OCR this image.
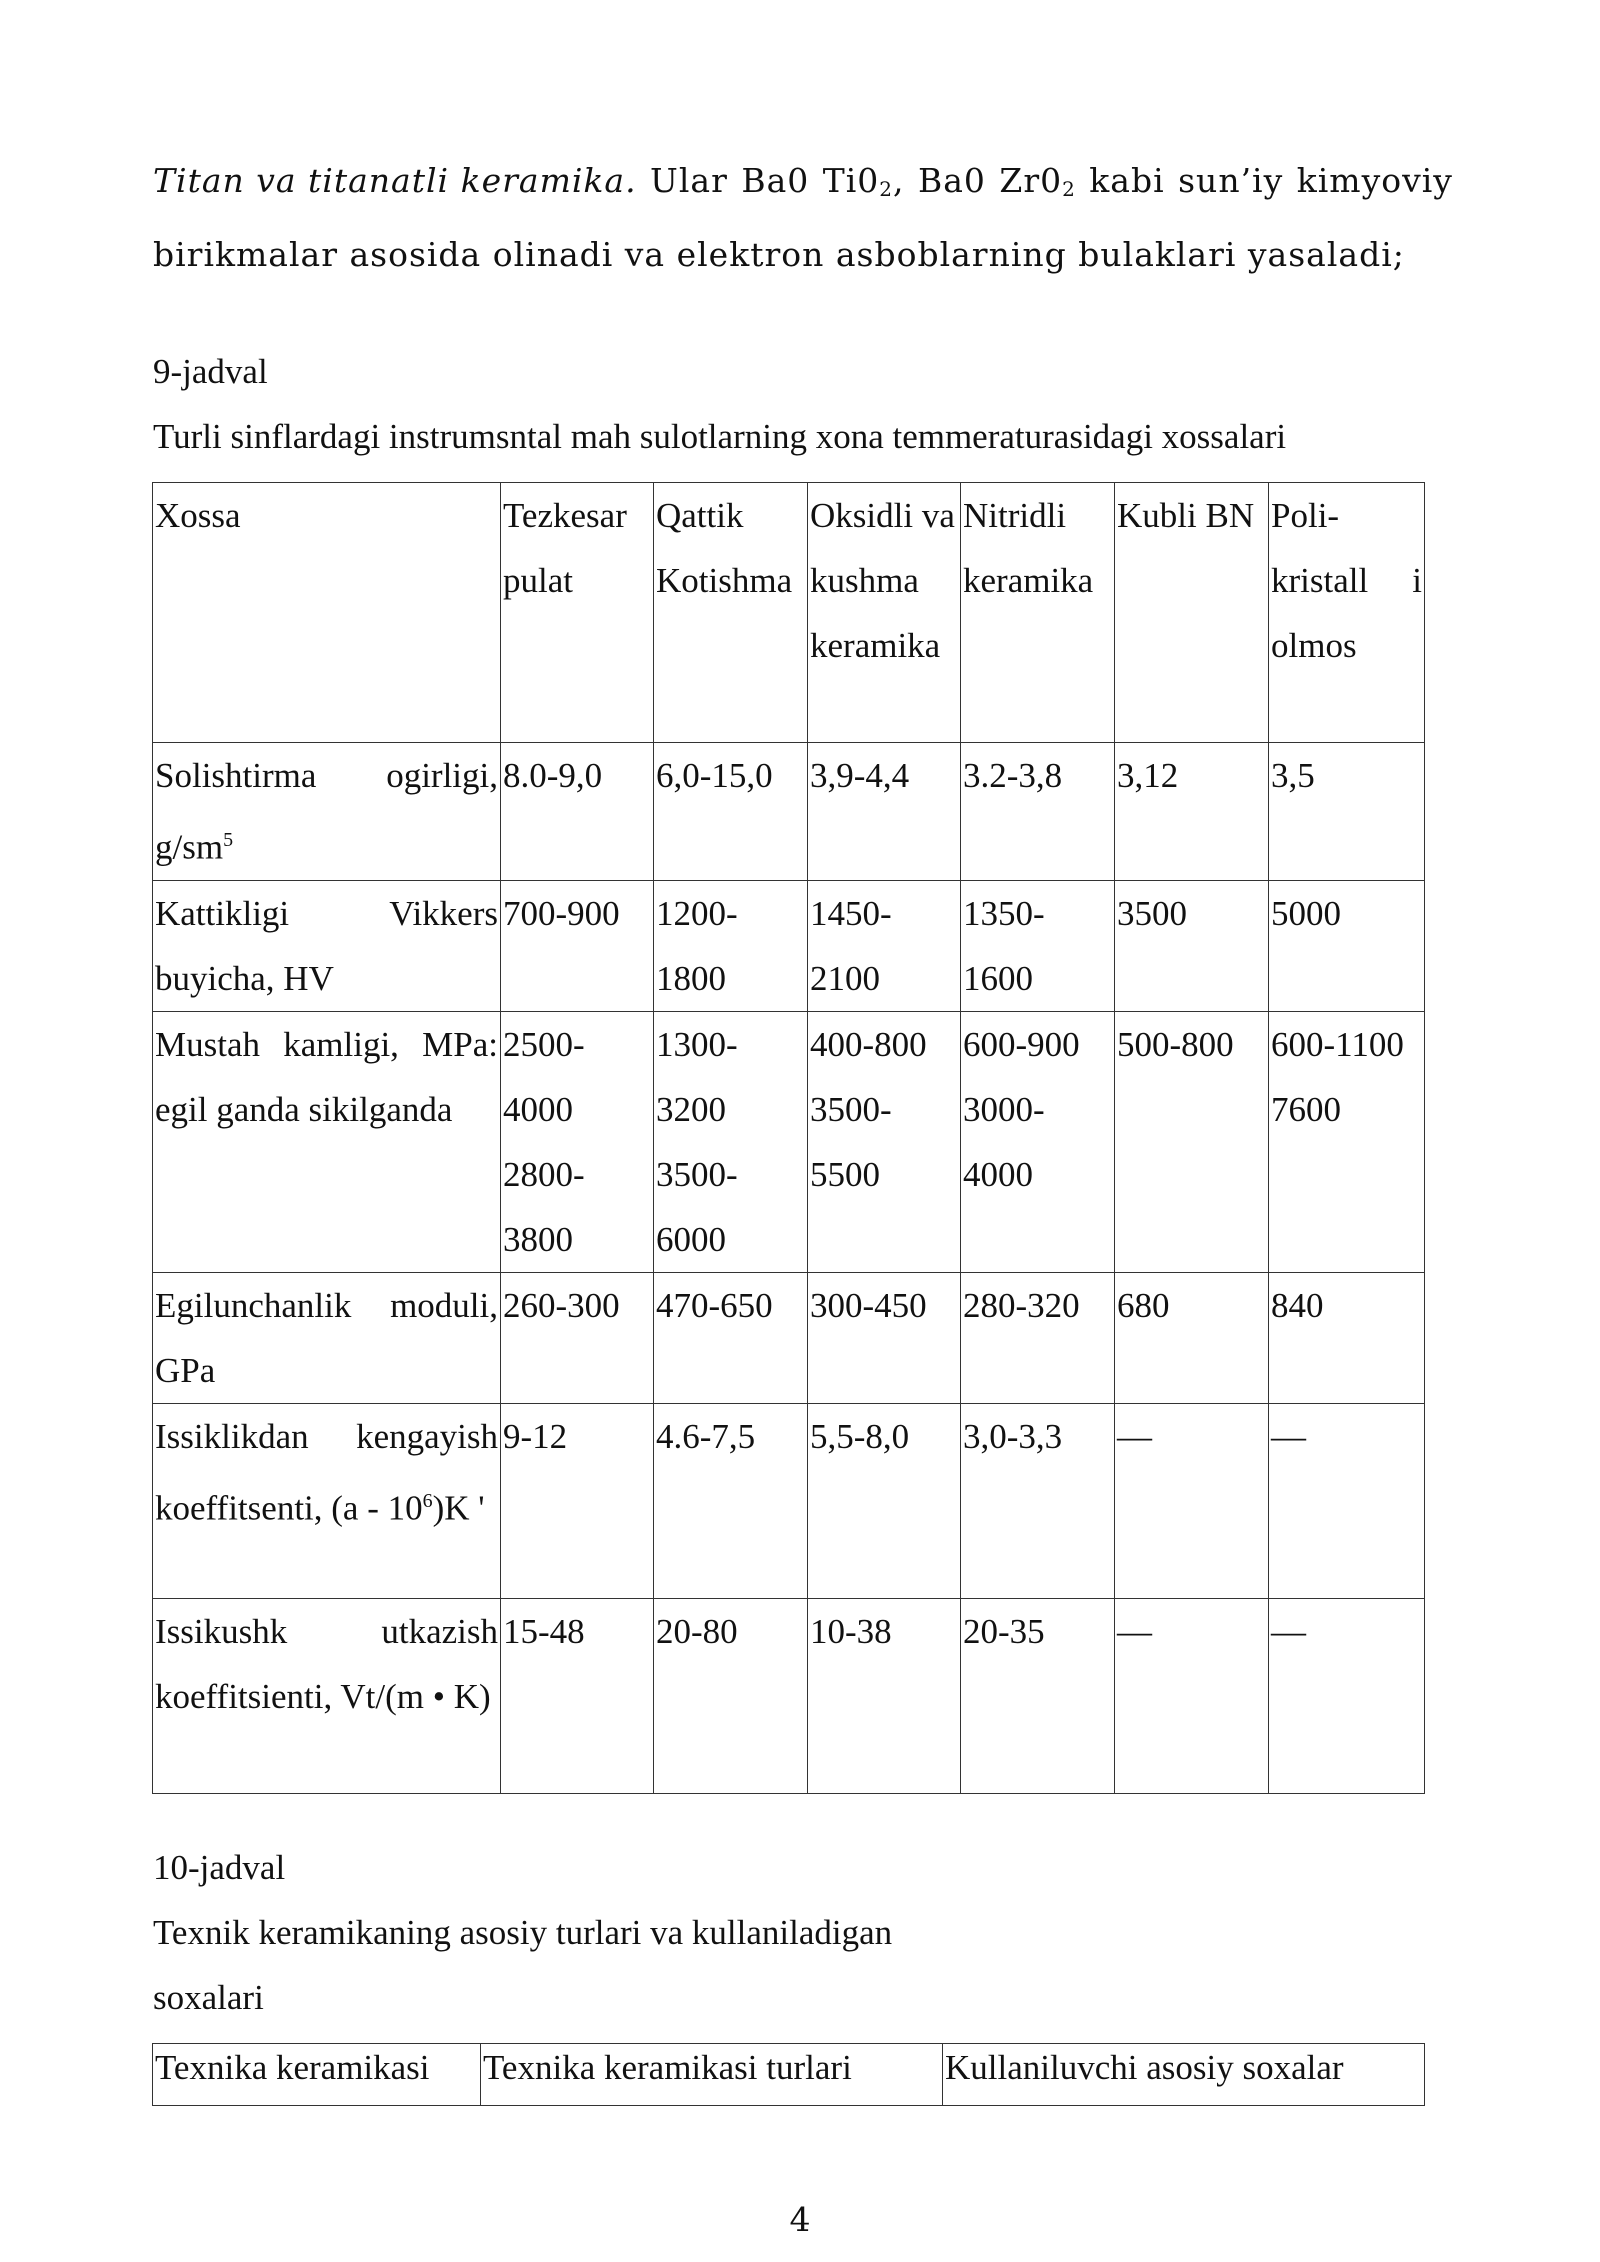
Titan va titanatli keramika. Ular Ba0 $Ti0_2$, Ba0 $Zr0_2$ kabi sun’iy kimyoviy
birikmalar asosida olinadi va elektron asboblarning bulaklari yasaladi;
9-jadval
Turli sinflardagi instrumsntal mah sulotlarning xona temmeraturasidagi xossalari
Xossa	Tezkesar pulat	Qattik Kotishma	Oksidli va kushma keramika	Nitridli keramika	Kubli BN	Poli-kristall i olmos
Solishtirma ogirligi, $g/sm^5$	8.0-9,0	6,0-15,0	3,9-4,4	3.2-3,8	3,12	3,5
Kattikligi Vikkers buyicha, HV	700-900	1200-1800	1450-2100	1350-1600	3500	5000
Mustah kamligi, MPa: egil ganda sikilganda	2500-4000 2800-3800	1300-3200 3500-6000	400-800 3500-5500	600-900 3000-4000	500-800	600-1100 7600
Egilunchanlik moduli, GPa	260-300	470-650	300-450	280-320	680	840
Issiklikdan kengayish koeffitsenti, $(a - 10^6)K$ '	9-12	4.6-7,5	5,5-8,0	3,0-3,3	—	—
Issikushk utkazish koeffitsienti, Vt/(m • K)	15-48	20-80	10-38	20-35	—	—
10-jadval
Texnik keramikaning asosiy turlari va kullaniladigan
soxalari
Texnika keramikasi	Texnika keramikasi turlari	Kullaniluvchi asosiy soxalar
4
